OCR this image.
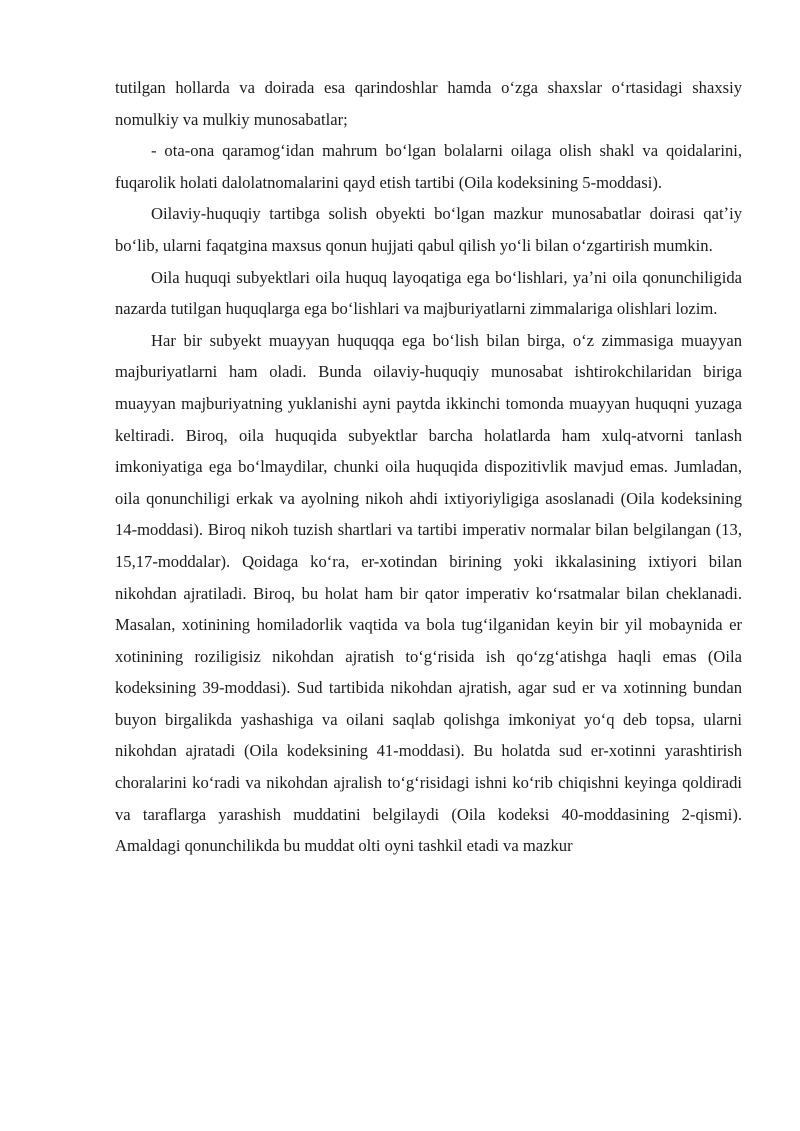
tutilgan hollarda va doirada esa qarindoshlar hamda oʻzga shaxslar oʻrtasidagi shaxsiy nomulkiy va mulkiy munosabatlar;

- ota-ona qaramogʻidan mahrum boʻlgan bolalarni oilaga olish shakl va qoidalarini, fuqarolik holati dalolatnomalarini qayd etish tartibi (Oila kodeksining 5-moddasi).

Oilaviy-huquqiy tartibga solish obyekti boʻlgan mazkur munosabatlar doirasi qatʼiy boʻlib, ularni faqatgina maxsus qonun hujjati qabul qilish yoʻli bilan oʻzgartirish mumkin.

Oila huquqi subyektlari oila huquq layoqatiga ega boʻlishlari, yaʼni oila qonunchiligida nazarda tutilgan huquqlarga ega boʻlishlari va majburiyatlarni zimmalariga olishlari lozim.

Har bir subyekt muayyan huquqqa ega boʻlish bilan birga, oʻz zimmasiga muayyan majburiyatlarni ham oladi. Bunda oilaviy-huquqiy munosabat ishtirokchilaridan biriga muayyan majburiyatning yuklanishi ayni paytda ikkinchi tomonda muayyan huquqni yuzaga keltiradi. Biroq, oila huquqida subyektlar barcha holatlarda ham xulq-atvorni tanlash imkoniyatiga ega boʻlmaydilar, chunki oila huquqida dispozitivlik mavjud emas. Jumladan, oila qonunchiligi erkak va ayolning nikoh ahdi ixtiyoriyligiga asoslanadi (Oila kodeksining 14-moddasi). Biroq nikoh tuzish shartlari va tartibi imperativ normalar bilan belgilangan (13, 15,17-moddalar). Qoidaga koʻra, er-xotindan birining yoki ikkalasining ixtiyori bilan nikohdan ajratiladi. Biroq, bu holat ham bir qator imperativ koʻrsatmalar bilan cheklanadi. Masalan, xotinining homiladorlik vaqtida va bola tugʻilganidan keyin bir yil mobaynida er xotinining roziligisiz nikohdan ajratish toʻgʻrisida ish qoʻzgʻatishga haqli emas (Oila kodeksining 39-moddasi). Sud tartibida nikohdan ajratish, agar sud er va xotinning bundan buyon birgalikda yashashiga va oilani saqlab qolishga imkoniyat yoʻq deb topsa, ularni nikohdan ajratadi (Oila kodeksining 41-moddasi). Bu holatda sud er-xotinni yarashtirish choralarini koʻradi va nikohdan ajralish toʻgʻrisidagi ishni koʻrib chiqishni keyinga qoldiradi va taraflarga yarashish muddatini belgilaydi (Oila kodeksi 40-moddasining 2-qismi). Amaldagi qonunchilikda bu muddat olti oyni tashkil etadi va mazkur
